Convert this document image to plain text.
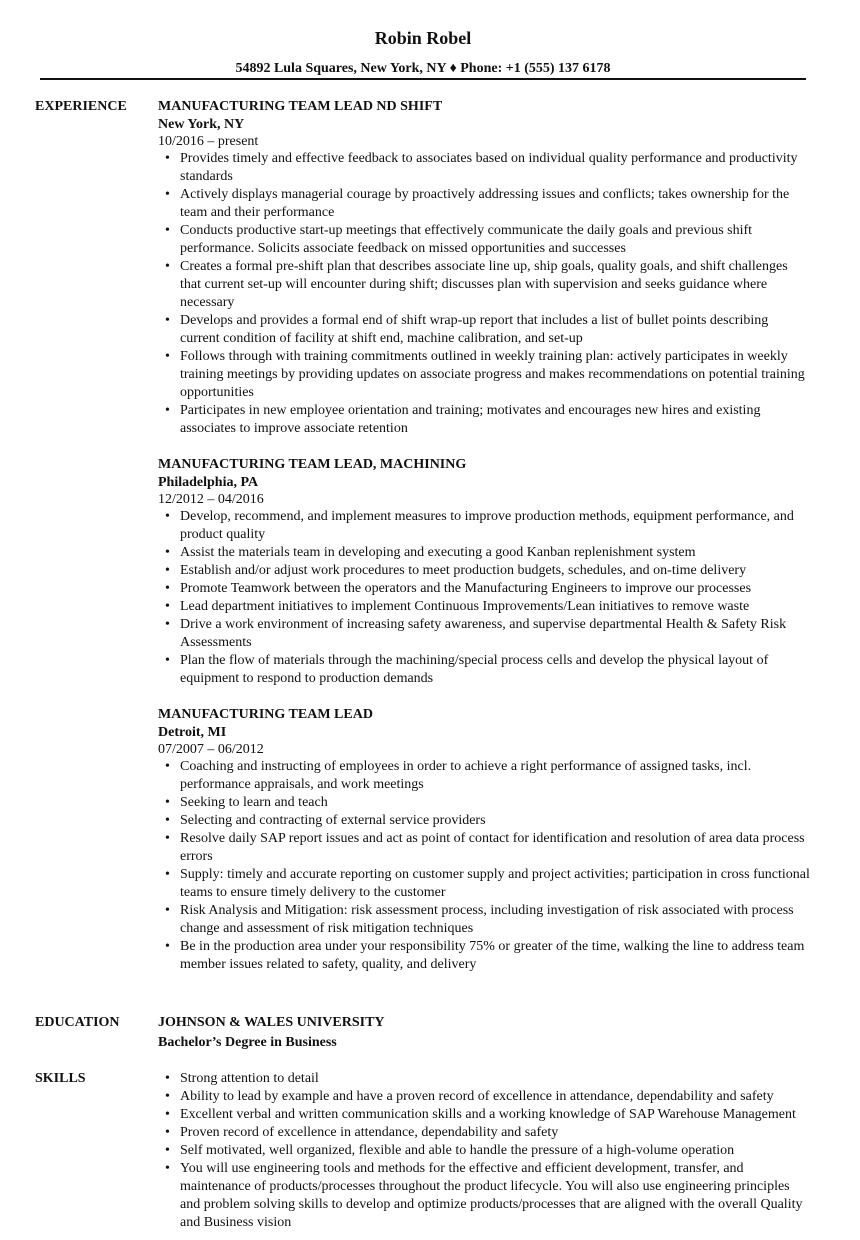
Robin Robel
54892 Lula Squares, New York, NY ♦ Phone: +1 (555) 137 6178
EXPERIENCE MANUFACTURING TEAM LEAD ND SHIFT
New York, NY
10/2016 – present
• Provides timely and effective feedback to associates based on individual quality performance and productivity standards
• Actively displays managerial courage by proactively addressing issues and conflicts; takes ownership for the team and their performance
• Conducts productive start-up meetings that effectively communicate the daily goals and previous shift performance. Solicits associate feedback on missed opportunities and successes
• Creates a formal pre-shift plan that describes associate line up, ship goals, quality goals, and shift challenges that current set-up will encounter during shift; discusses plan with supervision and seeks guidance where necessary
• Develops and provides a formal end of shift wrap-up report that includes a list of bullet points describing current condition of facility at shift end, machine calibration, and set-up
• Follows through with training commitments outlined in weekly training plan: actively participates in weekly training meetings by providing updates on associate progress and makes recommendations on potential training opportunities
• Participates in new employee orientation and training; motivates and encourages new hires and existing associates to improve associate retention
MANUFACTURING TEAM LEAD, MACHINING
Philadelphia, PA
12/2012 – 04/2016
• Develop, recommend, and implement measures to improve production methods, equipment performance, and product quality
• Assist the materials team in developing and executing a good Kanban replenishment system
• Establish and/or adjust work procedures to meet production budgets, schedules, and on-time delivery
• Promote Teamwork between the operators and the Manufacturing Engineers to improve our processes
• Lead department initiatives to implement Continuous Improvements/Lean initiatives to remove waste
• Drive a work environment of increasing safety awareness, and supervise departmental Health & Safety Risk Assessments
• Plan the flow of materials through the machining/special process cells and develop the physical layout of equipment to respond to production demands
MANUFACTURING TEAM LEAD
Detroit, MI
07/2007 – 06/2012
• Coaching and instructing of employees in order to achieve a right performance of assigned tasks, incl. performance appraisals, and work meetings
• Seeking to learn and teach
• Selecting and contracting of external service providers
• Resolve daily SAP report issues and act as point of contact for identification and resolution of area data process errors
• Supply: timely and accurate reporting on customer supply and project activities; participation in cross functional teams to ensure timely delivery to the customer
• Risk Analysis and Mitigation: risk assessment process, including investigation of risk associated with process change and assessment of risk mitigation techniques
• Be in the production area under your responsibility 75% or greater of the time, walking the line to address team member issues related to safety, quality, and delivery
EDUCATION	JOHNSON & WALES UNIVERSITY
Bachelor’s Degree in Business
SKILLS
•	Strong attention to detail
• Ability to lead by example and have a proven record of excellence in attendance, dependability and safety
• Excellent verbal and written communication skills and a working knowledge of SAP Warehouse Management
• Proven record of excellence in attendance, dependability and safety
• Self motivated, well organized, flexible and able to handle the pressure of a high-volume operation
• You will use engineering tools and methods for the effective and efficient development, transfer, and maintenance of products/processes throughout the product lifecycle. You will also use engineering principles and problem solving skills to develop and optimize products/processes that are aligned with the overall Quality and Business vision
